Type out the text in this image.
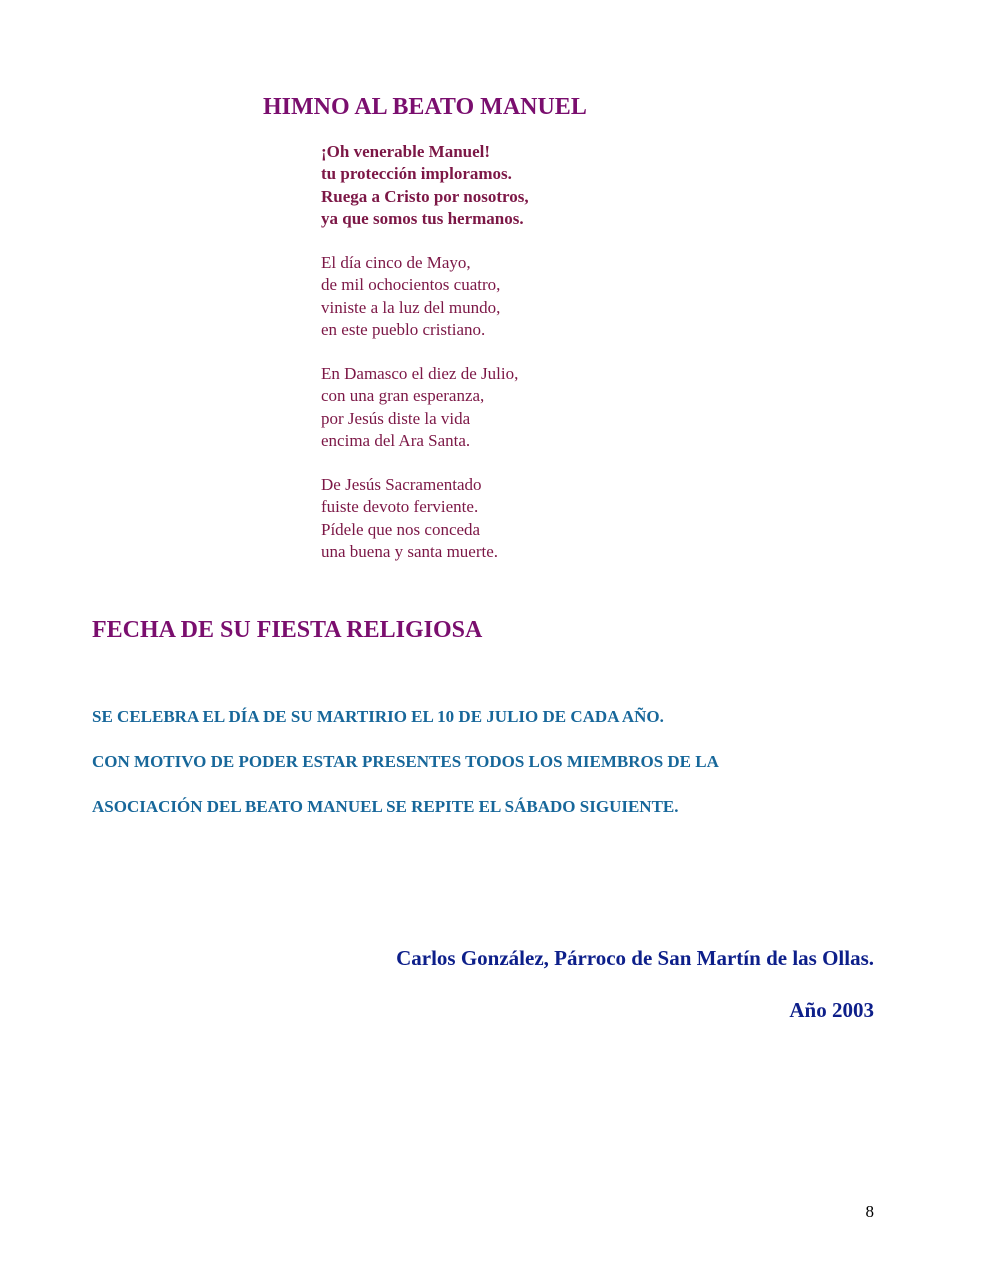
HIMNO AL BEATO MANUEL

¡Oh venerable Manuel!
tu protección imploramos.
Ruega a Cristo por nosotros,
ya que somos tus hermanos.

El día cinco de Mayo,
de mil ochocientos cuatro,
viniste a la luz del mundo,
en este pueblo cristiano.

En Damasco el diez de Julio,
con una gran esperanza,
por Jesús diste la vida
encima del Ara Santa.

De Jesús Sacramentado
fuiste devoto ferviente.
Pídele que nos conceda
una buena y santa muerte.

FECHA DE SU FIESTA RELIGIOSA

SE CELEBRA EL DÍA DE SU MARTIRIO EL 10 DE JULIO DE CADA AÑO.

CON MOTIVO DE PODER ESTAR PRESENTES TODOS LOS MIEMBROS DE LA

ASOCIACIÓN DEL BEATO MANUEL SE REPITE EL SÁBADO SIGUIENTE.

Carlos González, Párroco de San Martín de las Ollas.

Año 2003

8
